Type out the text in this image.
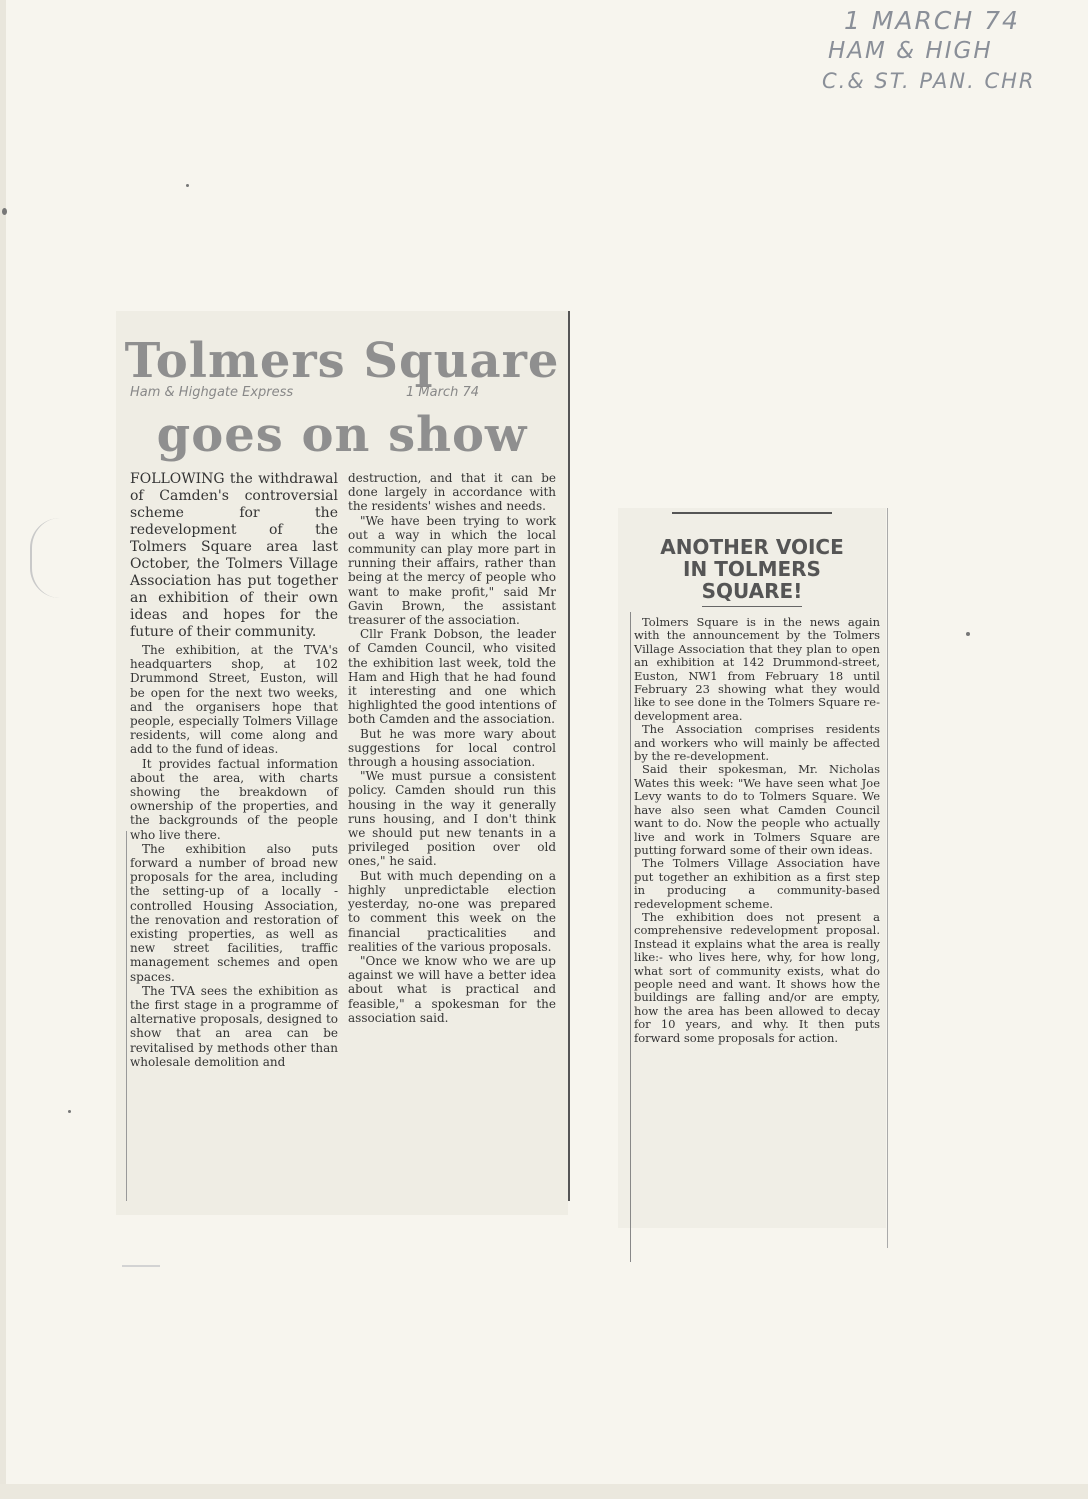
1 MARCH 74
HAM & HIGH
C.& ST. PAN. CHR
Tolmers Square
Ham & Highgate Express	1 March 74
goes on show

FOLLOWING the withdrawal of Camden's controversial scheme for the redevelopment of the Tolmers Square area last October, the Tolmers Village Association has put together an exhibition of their own ideas and hopes for the future of their community.

The exhibition, at the TVA's headquarters shop, at 102 Drummond Street, Euston, will be open for the next two weeks, and the organisers hope that people, especially Tolmers Village residents, will come along and add to the fund of ideas.

It provides factual information about the area, with charts showing the breakdown of ownership of the properties, and the backgrounds of the people who live there.

The exhibition also puts forward a number of broad new proposals for the area, including the setting-up of a locally - controlled Housing Association, the renovation and restoration of existing properties, as well as new street facilities, traffic management schemes and open spaces.

The TVA sees the exhibition as the first stage in a programme of alternative proposals, designed to show that an area can be revitalised by methods other than wholesale demolition and

destruction, and that it can be done largely in accordance with the residents' wishes and needs.

"We have been trying to work out a way in which the local community can play more part in running their affairs, rather than being at the mercy of people who want to make profit," said Mr Gavin Brown, the assistant treasurer of the association.

Cllr Frank Dobson, the leader of Camden Council, who visited the exhibition last week, told the Ham and High that he had found it interesting and one which highlighted the good intentions of both Camden and the association.

But he was more wary about suggestions for local control through a housing association.

"We must pursue a consistent policy. Camden should run this housing in the way it generally runs housing, and I don't think we should put new tenants in a privileged position over old ones," he said.

But with much depending on a highly unpredictable election yesterday, no-one was prepared to comment this week on the financial practicalities and realities of the various proposals.

"Once we know who we are up against we will have a better idea about what is practical and feasible," a spokesman for the association said.

ANOTHER VOICE
IN TOLMERS
SQUARE!

Tolmers Square is in the news again with the announcement by the Tolmers Village Association that they plan to open an exhibition at 142 Drummond-street, Euston, NW1 from February 18 until February 23 showing what they would like to see done in the Tolmers Square re-development area.

The Association comprises residents and workers who will mainly be affected by the re-development.

Said their spokesman, Mr. Nicholas Wates this week: "We have seen what Joe Levy wants to do to Tolmers Square. We have also seen what Camden Council want to do. Now the people who actually live and work in Tolmers Square are putting forward some of their own ideas.

The Tolmers Village Association have put together an exhibition as a first step in producing a community-based redevelopment scheme.

The exhibition does not present a comprehensive redevelopment proposal. Instead it explains what the area is really like:- who lives here, why, for how long, what sort of community exists, what do people need and want. It shows how the buildings are falling and/or are empty, how the area has been allowed to decay for 10 years, and why. It then puts forward some proposals for action.
